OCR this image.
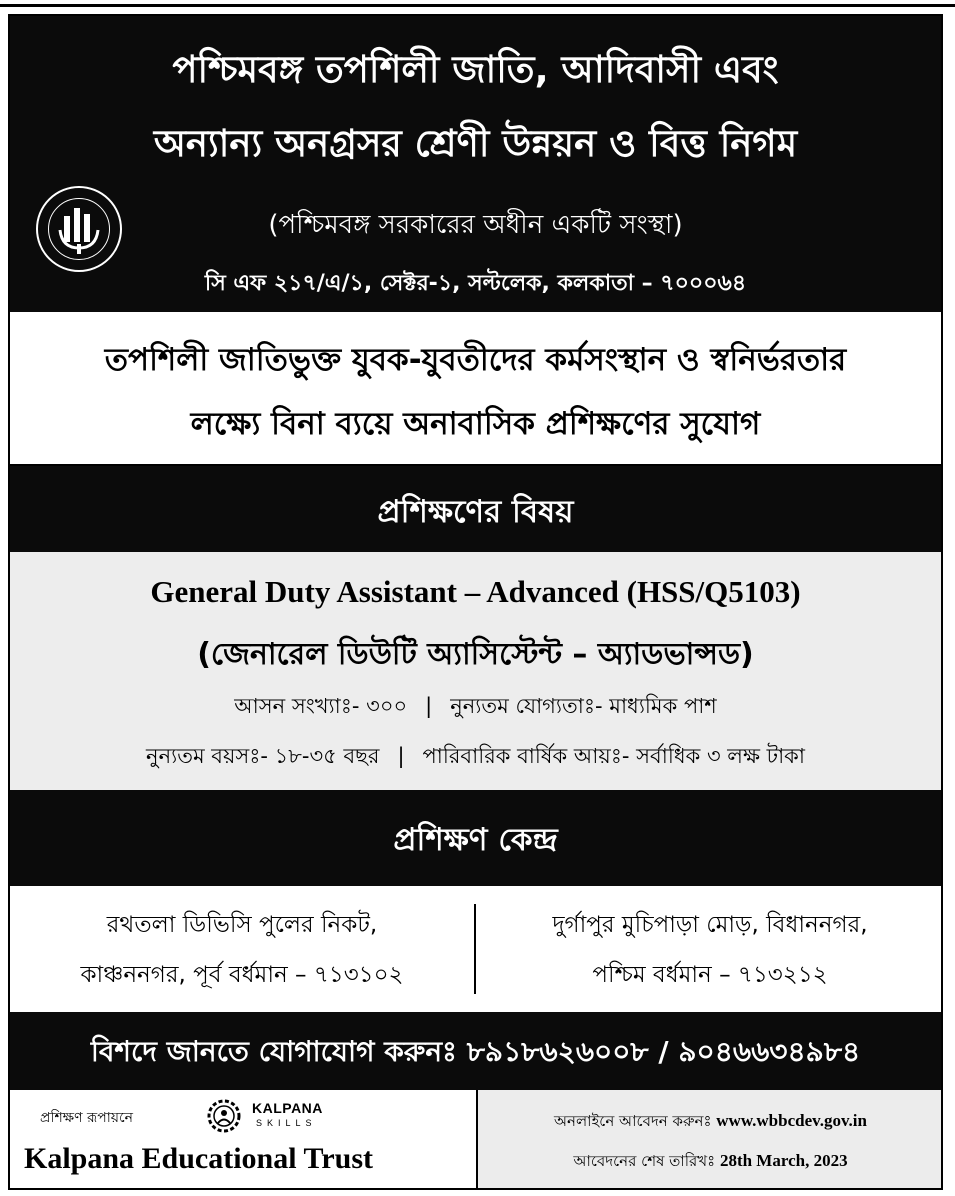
পশ্চিমবঙ্গ তপশিলী জাতি, আদিবাসী এবং
অন্যান্য অনগ্রসর শ্রেণী উন্নয়ন ও বিত্ত নিগম
(পশ্চিমবঙ্গ সরকারের অধীন একটি সংস্থা)
সি এফ ২১৭/এ/১, সেক্টর-১, সল্টলেক, কলকাতা – ৭০০০৬৪
তপশিলী জাতিভুক্ত যুবক-যুবতীদের কর্মসংস্থান ও স্বনির্ভরতার
লক্ষ্যে বিনা ব্যয়ে অনাবাসিক প্রশিক্ষণের সুযোগ
প্রশিক্ষণের বিষয়
General Duty Assistant – Advanced (HSS/Q5103)
(জেনারেল ডিউটি অ্যাসিস্টেন্ট – অ্যাডভান্সড)
আসন সংখ্যাঃ- ৩০০ | নুন্যতম যোগ্যতাঃ- মাধ্যমিক পাশ
নুন্যতম বয়সঃ- ১৮-৩৫ বছর | পারিবারিক বার্ষিক আয়ঃ- সর্বাধিক ৩ লক্ষ টাকা
প্রশিক্ষণ কেন্দ্র
রথতলা ডিভিসি পুলের নিকট,
কাঞ্চননগর, পূর্ব বর্ধমান – ৭১৩১০২
দুর্গাপুর মুচিপাড়া মোড়, বিধাননগর,
পশ্চিম বর্ধমান – ৭১৩২১২
বিশদে জানতে যোগাযোগ করুনঃ ৮৯১৮৬২৬০০৮ / ৯০৪৬৬৩৪৯৮৪
প্রশিক্ষণ রূপায়নে
KALPANA
SKILLS
Kalpana Educational Trust
অনলাইনে আবেদন করুনঃ www.wbbcdev.gov.in
আবেদনের শেষ তারিখঃ 28th March, 2023
